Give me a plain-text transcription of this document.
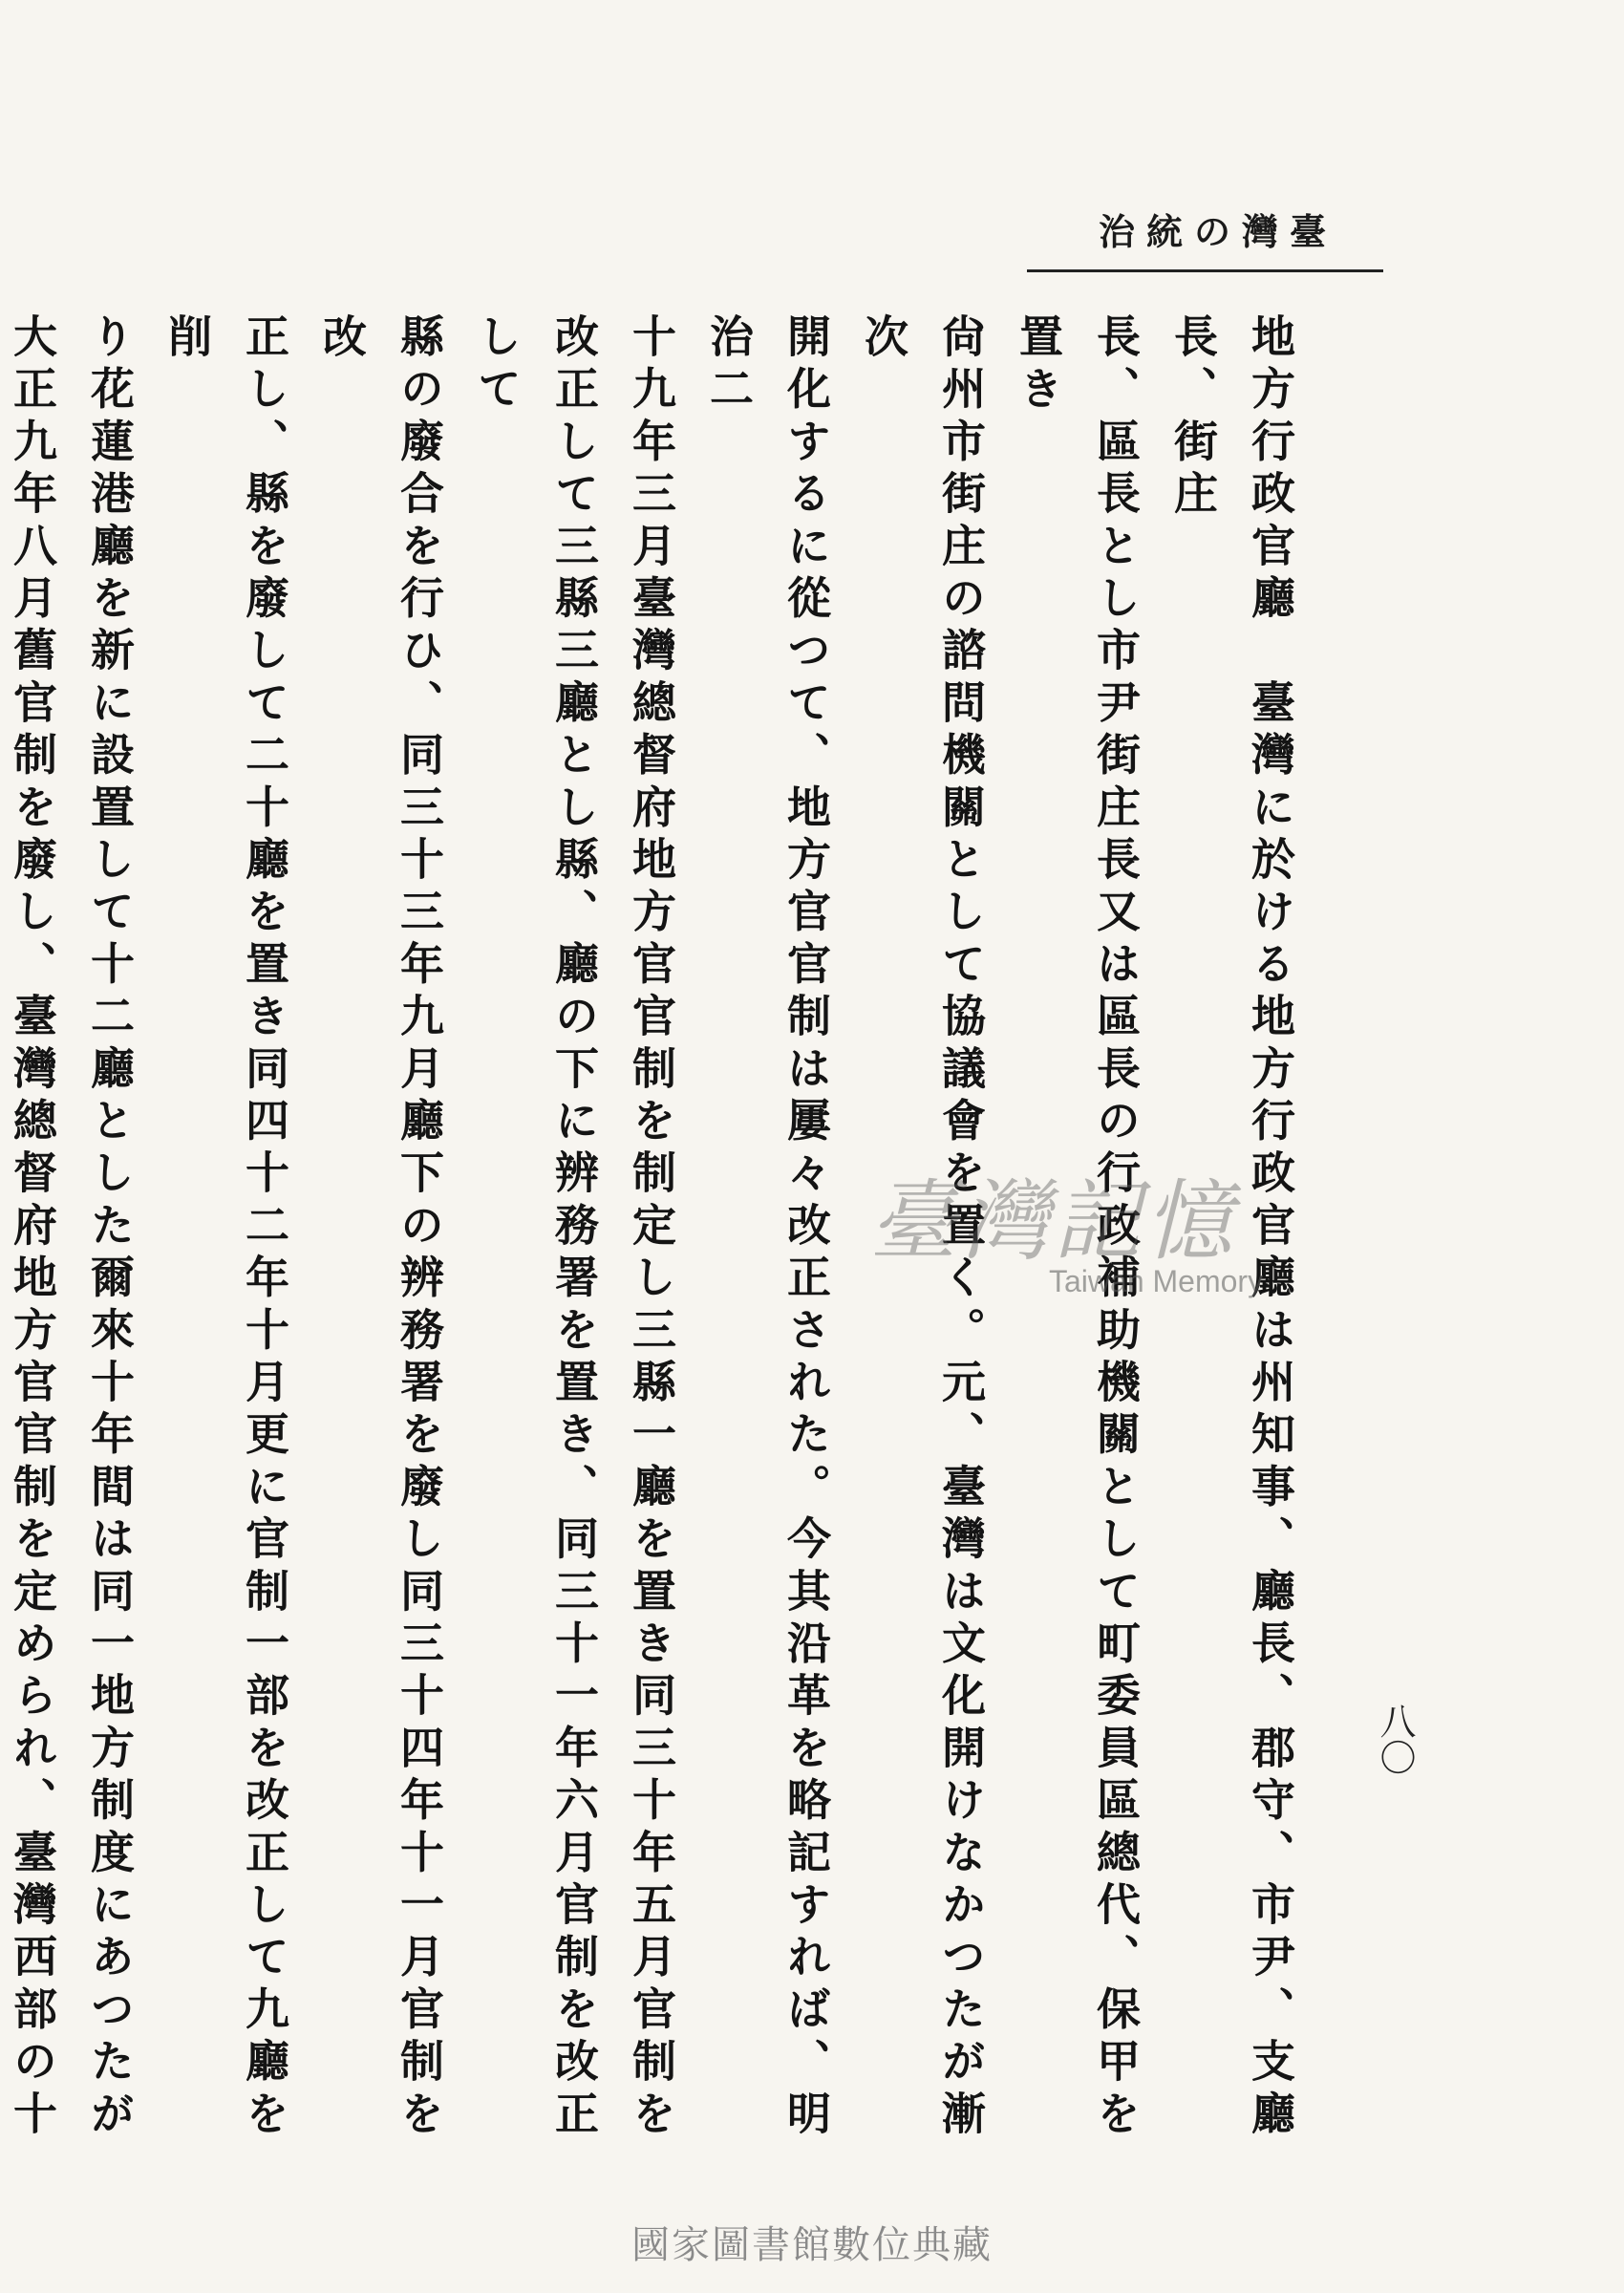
臺灣の統治
八〇

地方行政官廳　臺灣に於ける地方行政官廳は州知事、廳長、郡守、市尹、支廳長、街庄

長、區長とし市尹街庄長又は區長の行政補助機關として町委員區總代、保甲を置き

尙州市街庄の諮問機關として協議會を置く。元、臺灣は文化開けなかつたが漸次

開化するに從つて、地方官官制は屢々改正された。今其沿革を略記すれば、明治二

十九年三月臺灣總督府地方官官制を制定し三縣一廳を置き同三十年五月官制を

改正して三縣三廳とし縣、廳の下に辨務署を置き、同三十一年六月官制を改正して

縣の廢合を行ひ、同三十三年九月廳下の辨務署を廢し同三十四年十一月官制を改

正し、縣を廢して二十廳を置き同四十二年十月更に官制一部を改正して九廳を削

り花蓮港廳を新に設置して十二廳とした爾來十年間は同一地方制度にあつたが

大正九年八月舊官制を廢し、臺灣總督府地方官官制を定められ、臺灣西部の十

臺灣記憶
Taiwan Memory
國家圖書館數位典藏
